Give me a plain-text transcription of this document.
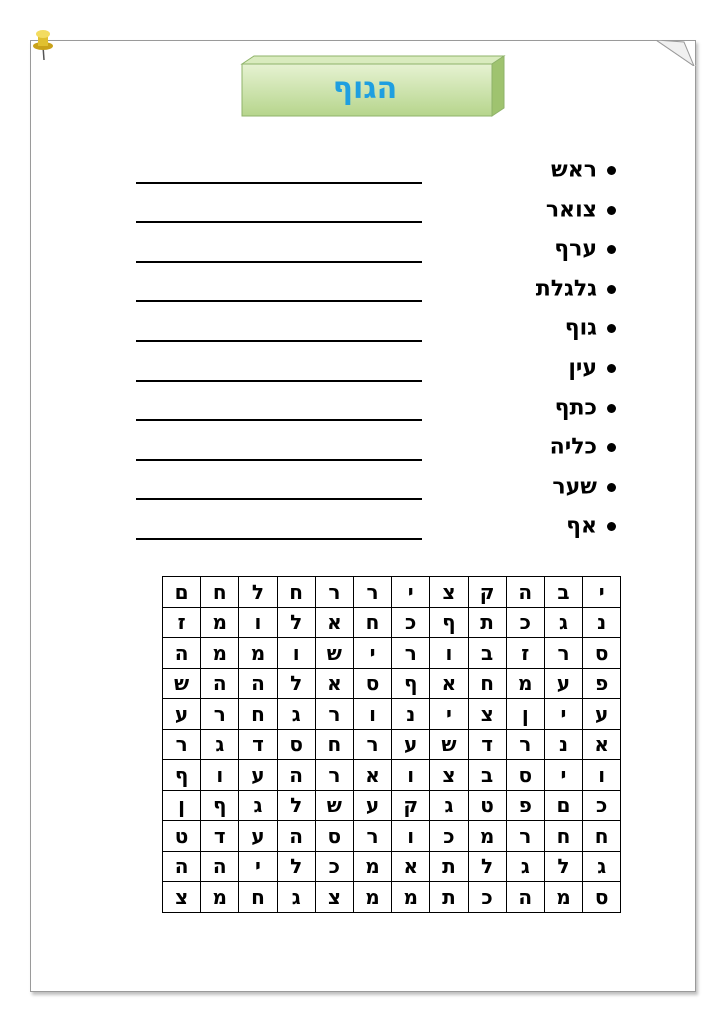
הגוף
ראש
צואר
ערף
גלגלת
גוף
עין
כתף
כליה
שער
אף
י	ב	ה	ק	צ	י	ר	ר	ח	ל	ח	ם
נ	ג	כ	ת	ף	כ	ח	א	ל	ו	מ	ז
ס	ר	ז	ב	ו	ר	י	ש	ו	מ	מ	ה
פ	ע	מ	ח	א	ף	ס	א	ל	ה	ה	ש
ע	י	ן	צ	י	נ	ו	ר	ג	ח	ר	ע
א	נ	ר	ד	ש	ע	ר	ח	ס	ד	ג	ר
ו	י	ס	ב	צ	ו	א	ר	ה	ע	ו	ף
כ	ם	פ	ט	ג	ק	ע	ש	ל	ג	ף	ן
ח	ח	ר	מ	כ	ו	ר	ס	ה	ע	ד	ט
ג	ל	ג	ל	ת	א	מ	כ	ל	י	ה	ה
ס	מ	ה	כ	ת	מ	מ	צ	ג	ח	מ	צ
